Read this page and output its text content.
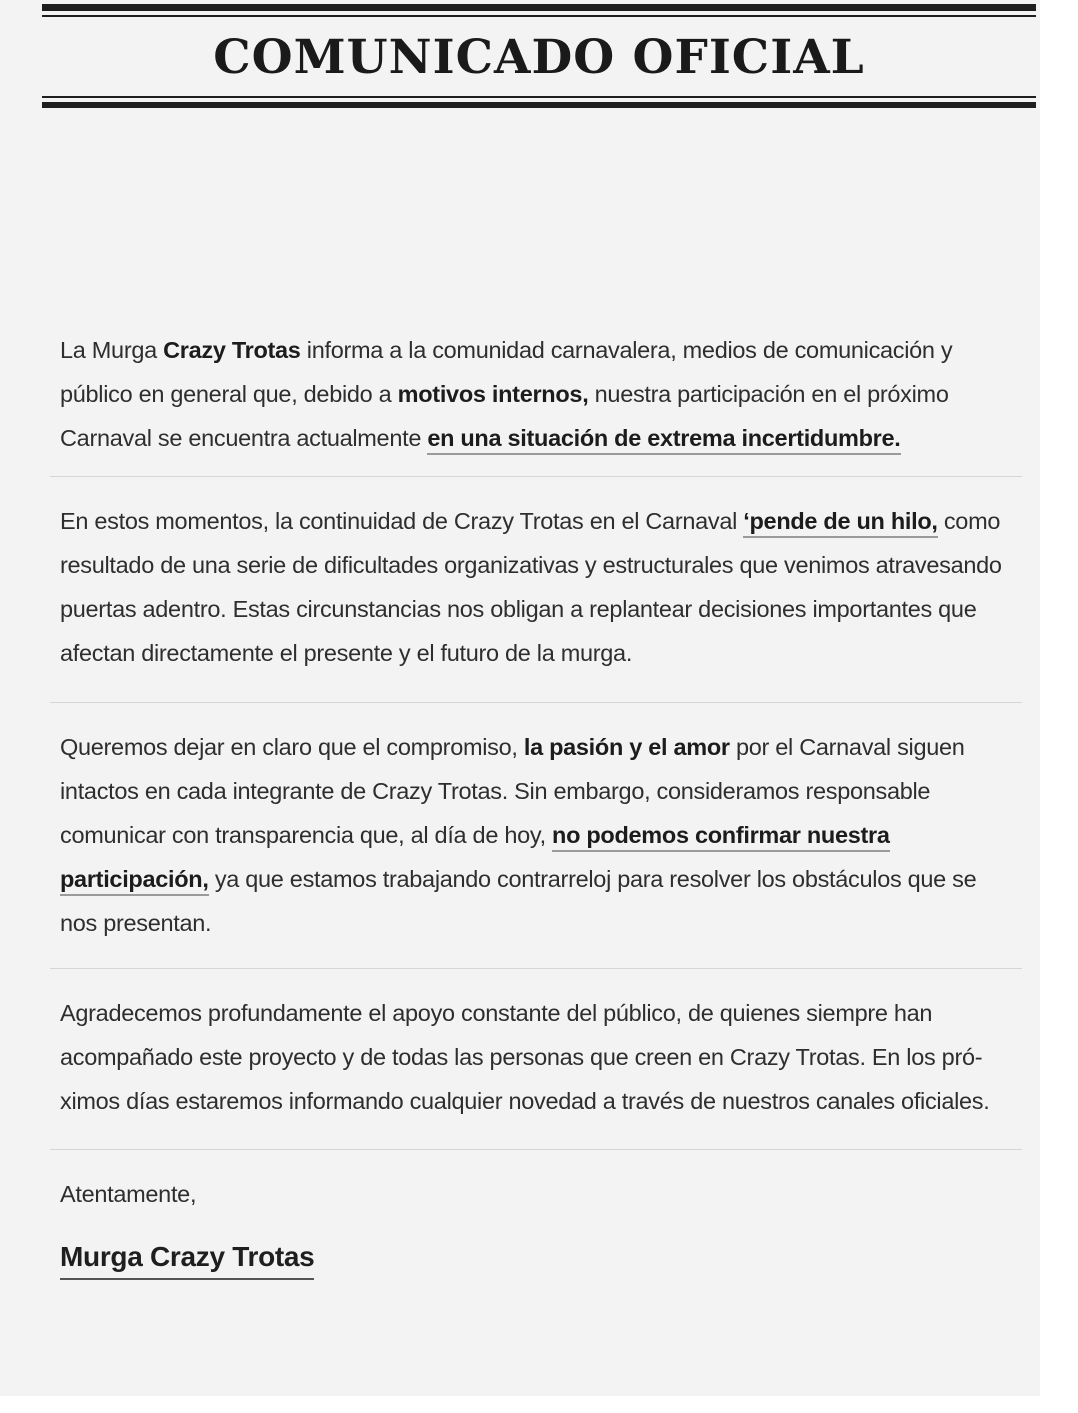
COMUNICADO OFICIAL

La Murga Crazy Trotas informa a la comunidad carnavalera, medios de comunicación y público en general que, debido a motivos internos, nuestra participación en el próximo Carnaval se encuentra actualmente en una situación de extrema incertidumbre.

En estos momentos, la continuidad de Crazy Trotas en el Carnaval ‘pende de un hilo, como resultado de una serie de dificultades organizativas y estructurales que venimos atravesando puertas adentro. Estas circunstancias nos obligan a replantear decisiones importantes que afectan directamente el presente y el futuro de la murga.

Queremos dejar en claro que el compromiso, la pasión y el amor por el Carnaval siguen intactos en cada integrante de Crazy Trotas. Sin embargo, consideramos responsable comunicar con transparencia que, al día de hoy, no podemos confirmar nuestra participación, ya que estamos trabajando contrarreloj para resolver los obstáculos que se nos presentan.

Agradecemos profundamente el apoyo constante del público, de quienes siempre han acompañado este proyecto y de todas las personas que creen en Crazy Trotas. En los pró- ximos días estaremos informando cualquier novedad a través de nuestros canales oficiales.

Atentamente,

Murga Crazy Trotas
